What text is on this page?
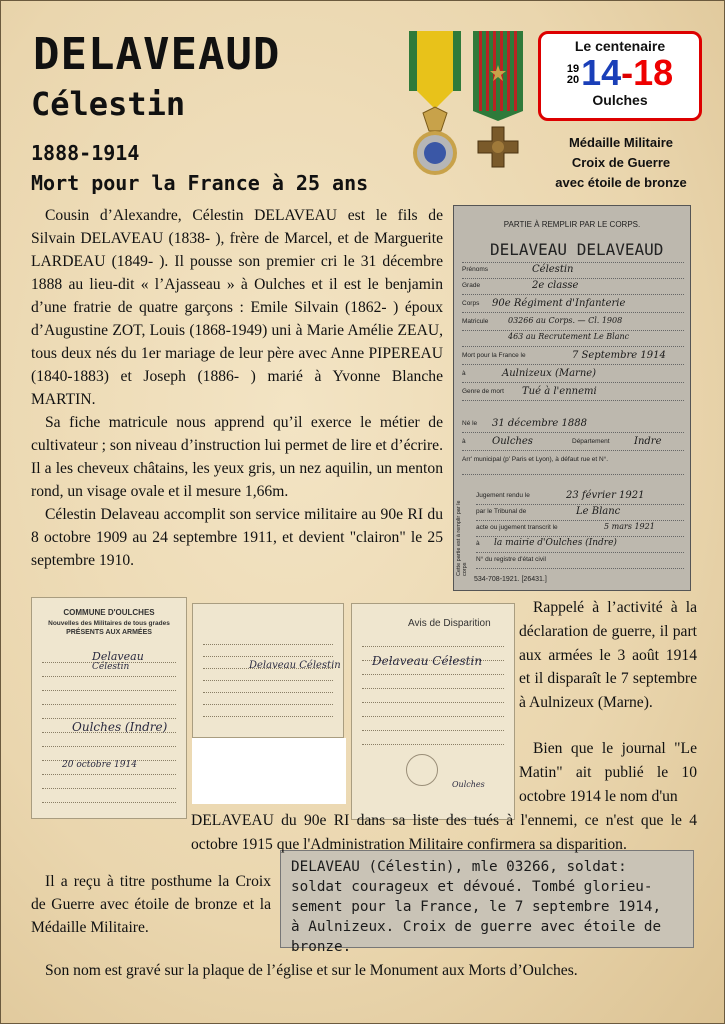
DELAVEAUD
Célestin
1888-1914
Mort pour la France à 25 ans
Le centenaire
19
2014-18
Oulches
Médaille Militaire
Croix de Guerre
avec étoile de bronze

Cousin d’Alexandre, Célestin DELAVEAU est le fils de Silvain DELAVEAU (1838- ), frère de Marcel, et de Marguerite LARDEAU (1849- ). Il pousse son premier cri le 31 décembre 1888 au lieu-dit « l’Ajasseau » à Oulches et il est le benjamin d’une fratrie de quatre garçons : Emile Silvain (1862- ) époux d’Augustine ZOT, Louis (1868-1949) uni à Marie Amélie ZEAU, tous deux nés du 1er mariage de leur père avec Anne PIPEREAU (1840-1883) et Joseph (1886- ) marié à Yvonne Blanche MARTIN.

Sa fiche matricule nous apprend qu’il exerce le métier de cultivateur ; son niveau d’instruction lui permet de lire et d’écrire. Il a les cheveux châtains, les yeux gris, un nez aquilin, un menton rond, un visage ovale et il mesure 1,66m.

Célestin Delaveau accomplit son service militaire au 90e RI du 8 octobre 1909 au 24 septembre 1911, et devient "clairon" le 25 septembre 1910.

PARTIE À REMPLIR PAR LE CORPS.
DELAVEAU DELAVEAUD
Prénoms	Célestin
Grade	2e classe
Corps 90e Régiment d'Infanterie
Matricule 03266 au Corps. — Cl. 1908
463 au Recrutement Le Blanc
Mort pour la France le	7 Septembre 1914
à	Aulnizeux (Marne)
Genre de mort Tué à l'ennemi
Né le 31 décembre 1888
à	Oulches	Département Indre
Arr' municipal (p' Paris et Lyon), à défaut rue et N°.
Jugement rendu le	23 février 1921
par le Tribunal de	Le Blanc
acte ou jugement transcrit le	5 mars 1921
à la mairie d'Oulches (Indre)
N° du registre d'état civil
Cette partie est à remplir par le corps
534-708-1921. [26431.]
COMMUNE D'OULCHES
Nouvelles des Militaires de tous grades
PRÉSENTS AUX ARMÉES
Delaveau
Célestin
Oulches (Indre)
20 octobre 1914
Delaveau Célestin
Avis de Disparition
Delaveau Célestin
Oulches

Rappelé à l’activité à la déclaration de guerre, il part aux armées le 3 août 1914 et il disparaît le 7 septembre à Aulnizeux (Marne).

Bien que le journal "Le Matin" ait publié le 10 octobre 1914 le nom d'un

Il a reçu à titre posthume la Croix de Guerre avec étoile de bronze et la Médaille Militaire.

DELAVEAU (Célestin), mle 03266, soldat:
soldat courageux et dévoué. Tombé glorieu-
sement pour la France, le 7 septembre 1914,
à Aulnizeux. Croix de guerre avec étoile de
bronze.

Son nom est gravé sur la plaque de l’église et sur le Monument aux Morts d’Oulches.

DELAVEAU du 90e RI dans sa liste des tués à l'ennemi, ce n'est que le 4 octobre 1915 que l'Administration Militaire confirmera sa disparition.
